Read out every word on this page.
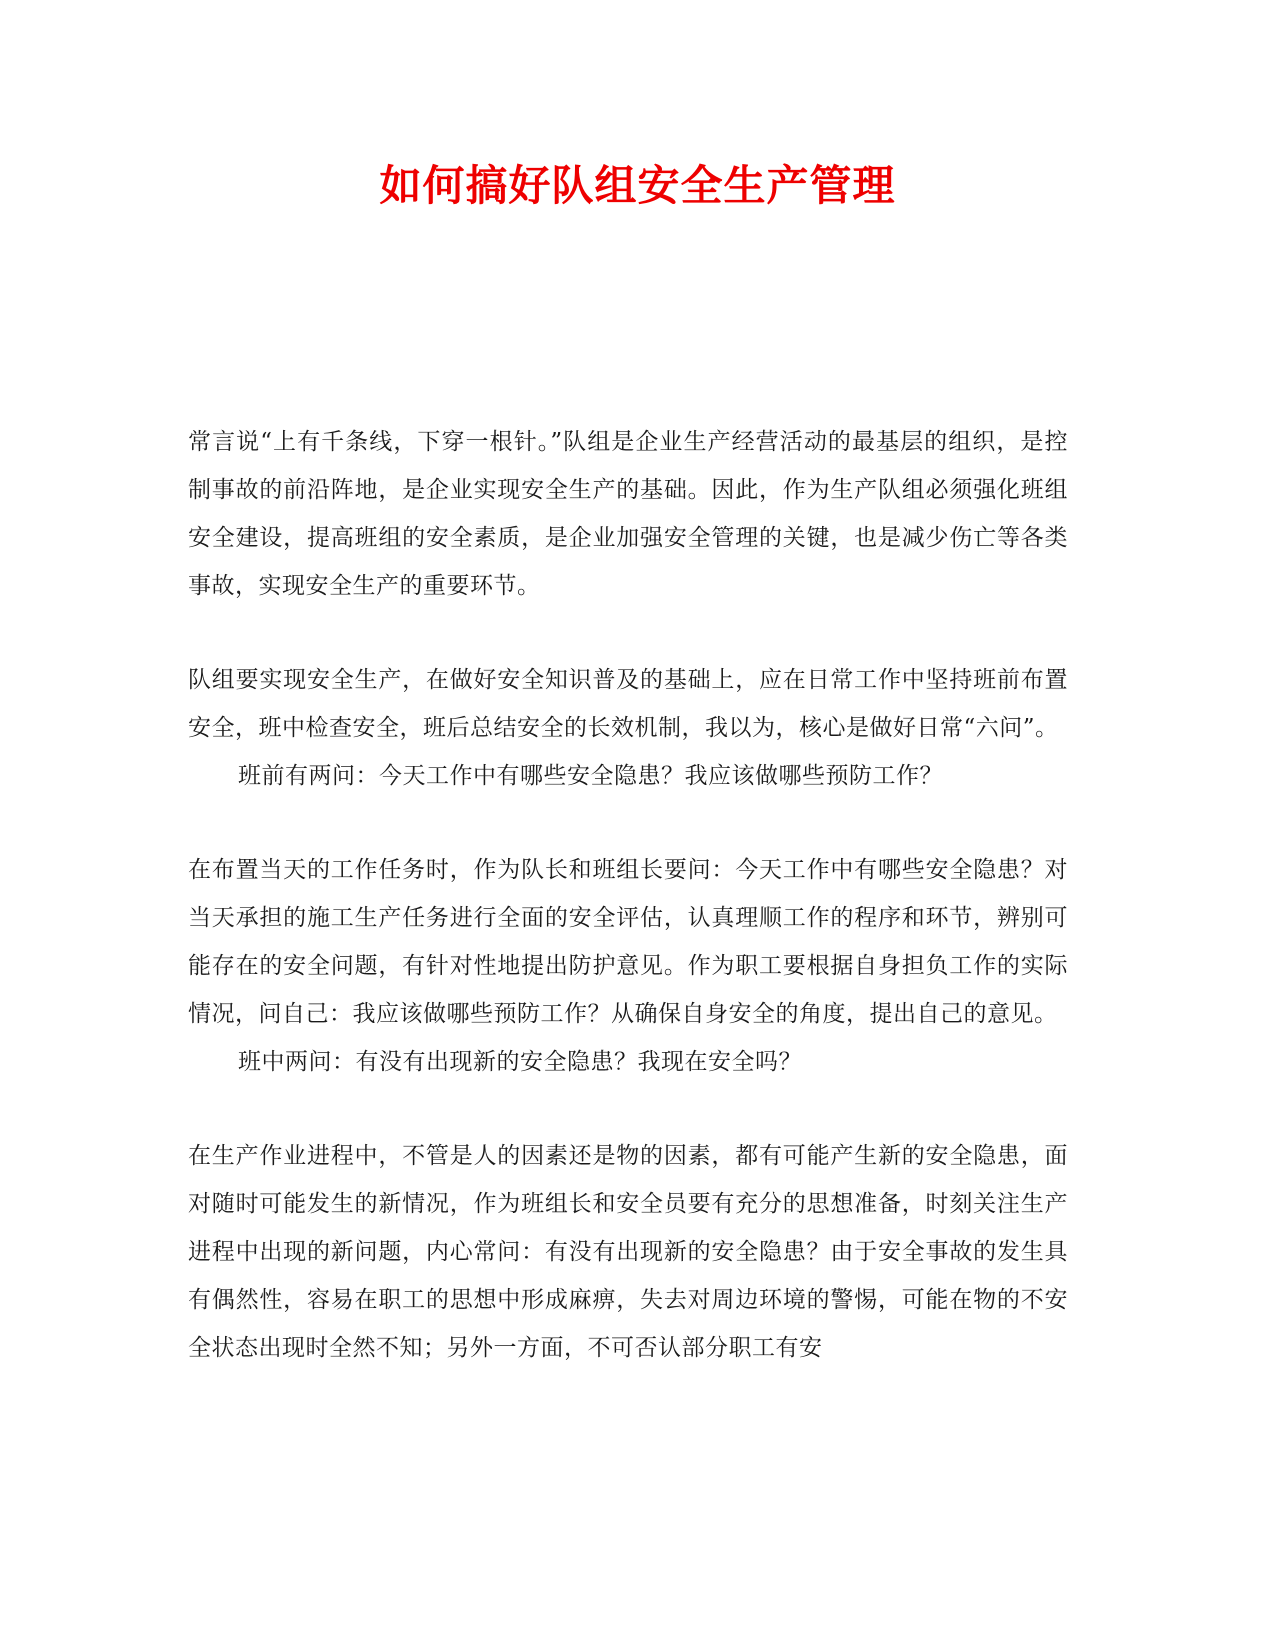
如何搞好队组安全生产管理

常言说“上有千条线，下穿一根针。”队组是企业生产经营活动的最基层的组织，是控制事故的前沿阵地，是企业实现安全生产的基础。因此，作为生产队组必须强化班组安全建设，提高班组的安全素质，是企业加强安全管理的关键，也是减少伤亡等各类事故，实现安全生产的重要环节。

队组要实现安全生产，在做好安全知识普及的基础上，应在日常工作中坚持班前布置安全，班中检查安全，班后总结安全的长效机制，我以为，核心是做好日常“六问”。

班前有两问：今天工作中有哪些安全隐患？我应该做哪些预防工作？

在布置当天的工作任务时，作为队长和班组长要问：今天工作中有哪些安全隐患？对当天承担的施工生产任务进行全面的安全评估，认真理顺工作的程序和环节，辨别可能存在的安全问题，有针对性地提出防护意见。作为职工要根据自身担负工作的实际情况，问自己：我应该做哪些预防工作？从确保自身安全的角度，提出自己的意见。

班中两问：有没有出现新的安全隐患？我现在安全吗？

在生产作业进程中，不管是人的因素还是物的因素，都有可能产生新的安全隐患，面对随时可能发生的新情况，作为班组长和安全员要有充分的思想准备，时刻关注生产进程中出现的新问题，内心常问：有没有出现新的安全隐患？由于安全事故的发生具有偶然性，容易在职工的思想中形成麻痹，失去对周边环境的警惕，可能在物的不安全状态出现时全然不知；另外一方面，不可否认部分职工有安
